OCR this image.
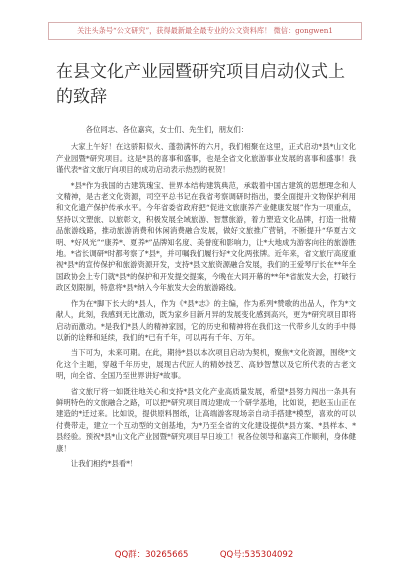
关注头条号“公文研究”，获得最新最全最专业的公文资料库！ 微信：gongwen1
在县文化产业园暨研究项目启动仪式上的致辞

各位同志、各位嘉宾，女士们、先生们，朋友们：

大家上午好！在这骄阳似火、蓬勃满怀的六月，我们相聚在这里，正式启动*县*山文化产业园暨*研究项目。这是*县的喜事和盛事，也是全省文化旅游事业发展的喜事和盛事！我谨代表*省文旅厅向项目的成功启动表示热烈的祝贺！

*县*作为我国的古建筑瑰宝、世界本结构建筑典范，承载着中国古建筑的思想理念和人文精神，是古老文化资源，司空平总书记在我省考察调研时指出，要全面提升文物保护利用和文化遗产保护传承水平。今年省委省政府把“促进文旅康养产业健康发展”作为一项重点，坚持以文塑旅、以旅彰文，积极发展全域旅游、智慧旅游，着力塑造文化品牌，打造一批精品旅游线路，推动旅游消费和休闲消费融合发展，做好文旅推广营销，不断提升“华夏古文明、*好风光”“康养*、夏养*”品牌知名度、美誉度和影响力，让*大地成为游客向往的旅游胜地。*省长调研*时都考察了*县*，并可嘱我们履行好*文化两张牌。近年来，省文旅厅高度重视*县*的宣传保护和旅游资源开发，支持*县文旅资源融合发展，我们的王爱琴厅长在**年全国政协会上专门就*县*的保护和开发提交提案，今晚在大同开幕的**年*省旅发大会，打破行政区划限制，特意将*县*纳入今年旅发大会的旅游路线。

作为在*脚下长大的*县人，作为《*县*志》的主编，作为系列*赞歌的出品人，作为*文献人，此刻，我感到无比激动，既为家乡目新月异的发展变化感到高兴，更为*研究项目即将启动而激动。*是我们*县人的精神家园，它的历史和精神将在我们这一代带乡儿女的手中得以新的诠释和延续，我们的*已有千年，可以再有千年、万年。

当下可为，未来可期。在此，期待*县以本次项目启动为契机，聚焦*文化资源，围绕*文化这个主题，穿越千年历史，展现古代匠人的精妙技艺、高妙智慧以及它所代表的古老文明，向全省、全国乃至世界讲好*故事。

省文旅厅将一如既往地关心和支持*县文化产业高质量发展，希望*县努力闯出一条具有鲜明特色的文旅融合之路，可以把*研究项目周边建成一个研学基地，比如说，把赵玉山正在建造的*迁过来。比如说，提供原料图纸，让高端游客现场亲自动手搭建*模型，喜欢的可以付费带走，建立一个互动型的文创基地，为*乃至全省的文化建设提供*县方案、*县样本、*县经验。预祝*县*山文化产业园暨*研究项目早日竣工！祝各位领导和嘉宾工作顺利，身体健康！

让我们相约*县看*！

QQ群：30265665	QQ号:535304092
